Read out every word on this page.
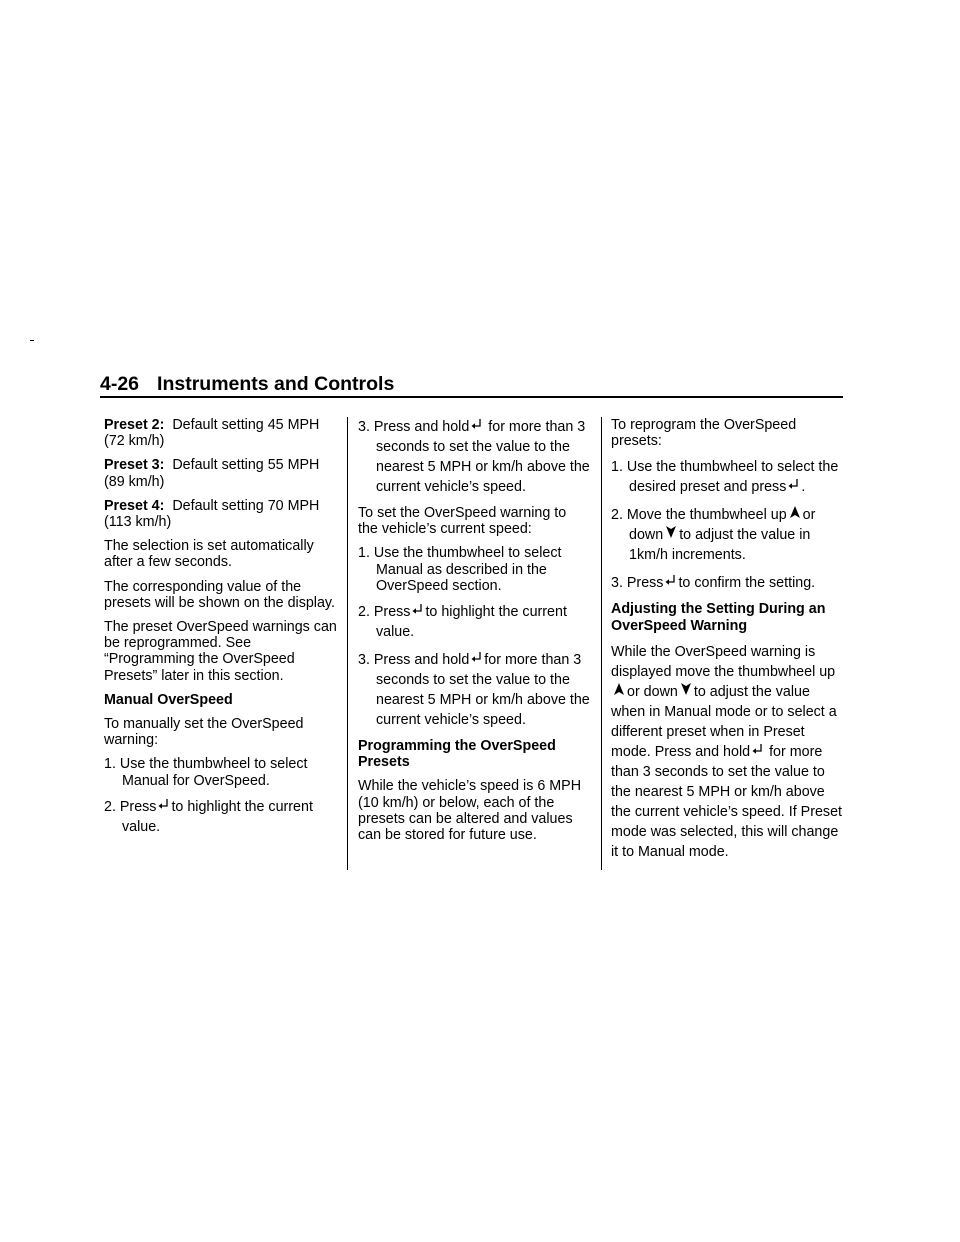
4-26 Instruments and Controls

Preset 2: Default setting 45 MPH (72 km/h)

Preset 3: Default setting 55 MPH (89 km/h)

Preset 4: Default setting 70 MPH (113 km/h)

The selection is set automatically after a few seconds.

The corresponding value of the presets will be shown on the display.

The preset OverSpeed warnings can be reprogrammed. See “Programming the OverSpeed Presets” later in this section.

Manual OverSpeed

To manually set the OverSpeed warning:

1. Use the thumbwheel to select Manual for OverSpeed.

2. Press to highlight the current value.

3. Press and hold for more than 3 seconds to set the value to the nearest 5 MPH or km/h above the current vehicle’s speed.

To set the OverSpeed warning to the vehicle’s current speed:

1. Use the thumbwheel to select Manual as described in the OverSpeed section.

2. Press to highlight the current value.

3. Press and hold for more than 3 seconds to set the value to the nearest 5 MPH or km/h above the current vehicle’s speed.

Programming the OverSpeed Presets

While the vehicle’s speed is 6 MPH (10 km/h) or below, each of the presets can be altered and values can be stored for future use.

To reprogram the OverSpeed presets:

1. Use the thumbwheel to select the desired preset and press .

2. Move the thumbwheel up or down to adjust the value in 1km/h increments.

3. Press to confirm the setting.

Adjusting the Setting During an OverSpeed Warning

While the OverSpeed warning is displayed move the thumbwheel upor down to adjust the value when in Manual mode or to select a different preset when in Preset mode. Press and hold for more than 3 seconds to set the value to the nearest 5 MPH or km/h above the current vehicle’s speed. If Preset mode was selected, this will change it to Manual mode.
